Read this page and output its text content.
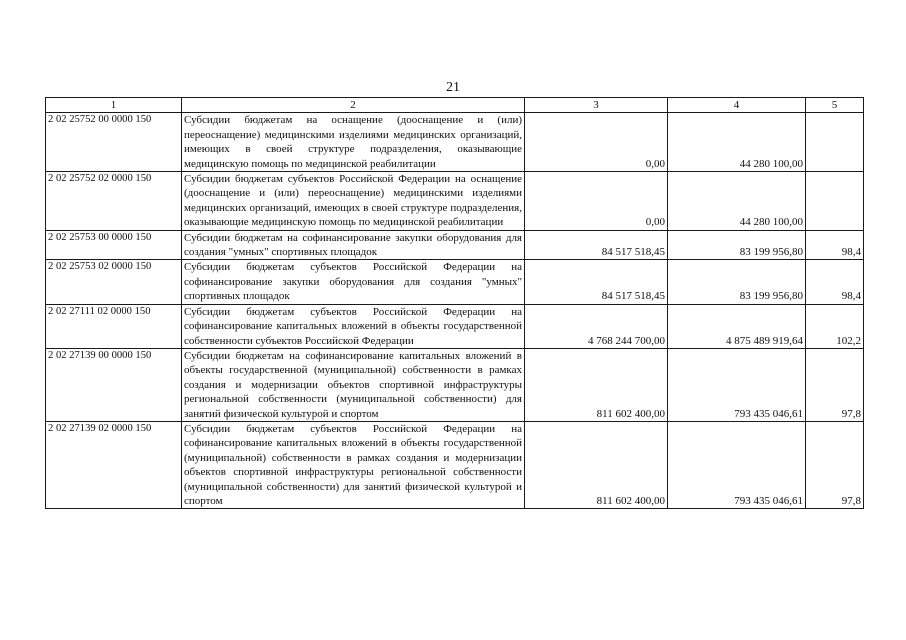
21
1	2	3	4	5
2 02 25752 00 0000 150	Субсидии бюджетам на оснащение (дооснащение и (или) переоснащение) медицинскими изделиями медицинских организаций, имеющих в своей структуре подразделения, оказывающие медицинскую помощь по медицинской реабилитации	0,00	44 280 100,00	
2 02 25752 02 0000 150	Субсидии бюджетам субъектов Российской Федерации на оснащение (дооснащение и (или) переоснащение) медицинскими изделиями медицинских организаций, имеющих в своей структуре подразделения, оказывающие медицинскую помощь по медицинской реабилитации	0,00	44 280 100,00	
2 02 25753 00 0000 150	Субсидии бюджетам на софинансирование закупки оборудования для создания "умных" спортивных площадок	84 517 518,45	83 199 956,80	98,4
2 02 25753 02 0000 150	Субсидии бюджетам субъектов Российской Федерации на софинансирование закупки оборудования для создания "умных" спортивных площадок	84 517 518,45	83 199 956,80	98,4
2 02 27111 02 0000 150	Субсидии бюджетам субъектов Российской Федерации на софинансирование капитальных вложений в объекты государственной собственности субъектов Российской Федерации	4 768 244 700,00	4 875 489 919,64	102,2
2 02 27139 00 0000 150	Субсидии бюджетам на софинансирование капитальных вложений в объекты государственной (муниципальной) собственности в рамках создания и модернизации объектов спортивной инфраструктуры региональной собственности (муниципальной собственности) для занятий физической культурой и спортом	811 602 400,00	793 435 046,61	97,8
2 02 27139 02 0000 150	Субсидии бюджетам субъектов Российской Федерации на софинансирование капитальных вложений в объекты государственной (муниципальной) собственности в рамках создания и модернизации объектов спортивной инфраструктуры региональной собственности (муниципальной собственности) для занятий физической культурой и спортом	811 602 400,00	793 435 046,61	97,8
